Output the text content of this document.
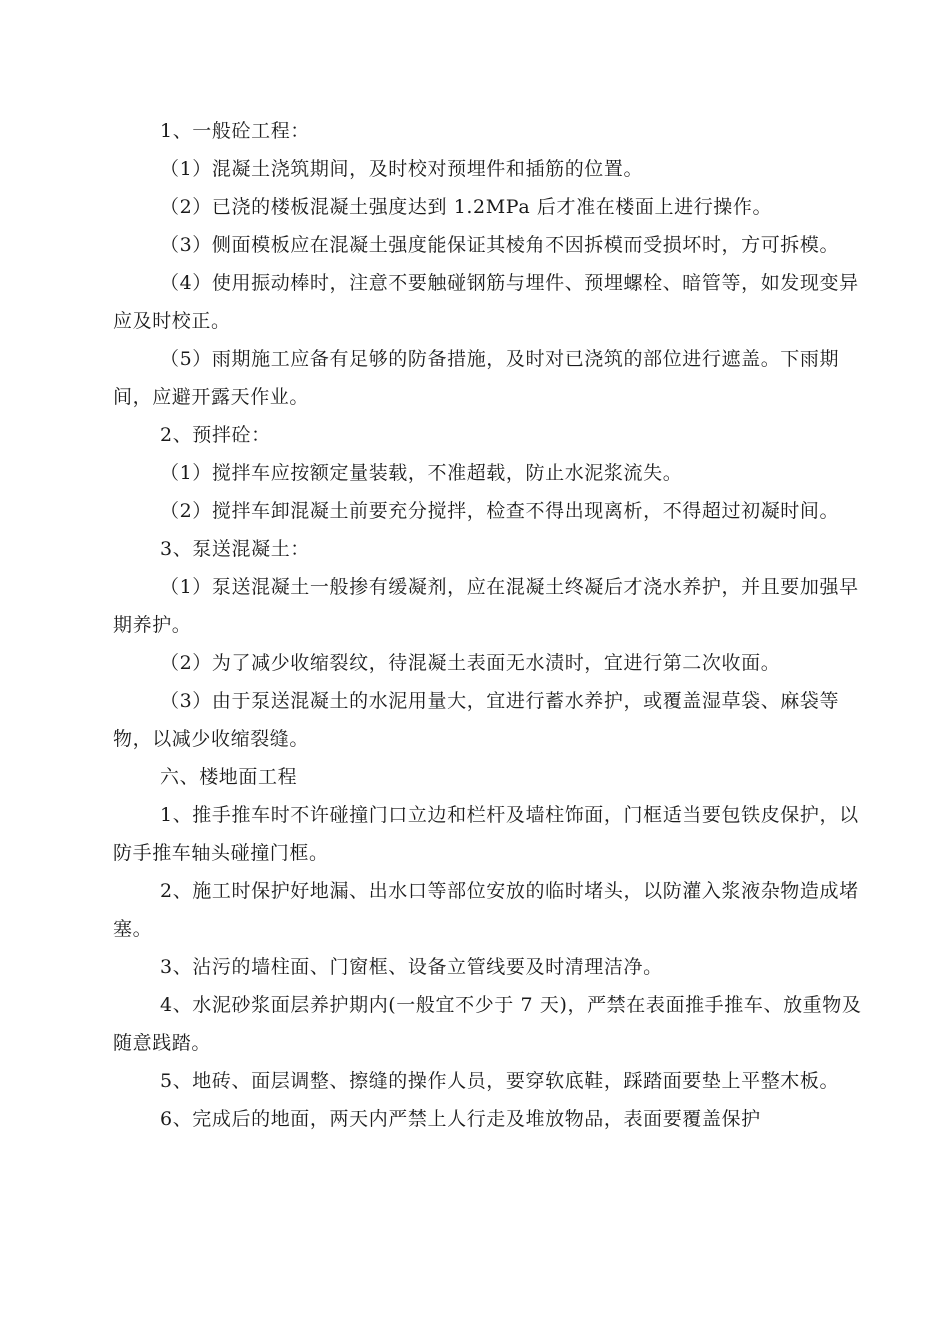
1、一般砼工程：

（1）混凝土浇筑期间，及时校对预埋件和插筋的位置。

（2）已浇的楼板混凝土强度达到 1.2MPa 后才准在楼面上进行操作。

（3）侧面模板应在混凝土强度能保证其棱角不因拆模而受损坏时，方可拆模。

（4）使用振动棒时，注意不要触碰钢筋与埋件、预埋螺栓、暗管等，如发现变异应及时校正。

（5）雨期施工应备有足够的防备措施，及时对已浇筑的部位进行遮盖。下雨期间，应避开露天作业。

2、预拌砼：

（1）搅拌车应按额定量装载，不准超载，防止水泥浆流失。

（2）搅拌车卸混凝土前要充分搅拌，检查不得出现离析，不得超过初凝时间。

3、泵送混凝土：

（1）泵送混凝土一般掺有缓凝剂，应在混凝土终凝后才浇水养护，并且要加强早期养护。

（2）为了减少收缩裂纹，待混凝土表面无水渍时，宜进行第二次收面。

（3）由于泵送混凝土的水泥用量大，宜进行蓄水养护，或覆盖湿草袋、麻袋等物，以减少收缩裂缝。

六、楼地面工程

1、推手推车时不许碰撞门口立边和栏杆及墙柱饰面，门框适当要包铁皮保护，以防手推车轴头碰撞门框。

2、施工时保护好地漏、出水口等部位安放的临时堵头，以防灌入浆液杂物造成堵塞。

3、沾污的墙柱面、门窗框、设备立管线要及时清理洁净。

4、水泥砂浆面层养护期内(一般宜不少于 7 天)，严禁在表面推手推车、放重物及随意践踏。

5、地砖、面层调整、擦缝的操作人员，要穿软底鞋，踩踏面要垫上平整木板。

6、完成后的地面，两天内严禁上人行走及堆放物品，表面要覆盖保护
